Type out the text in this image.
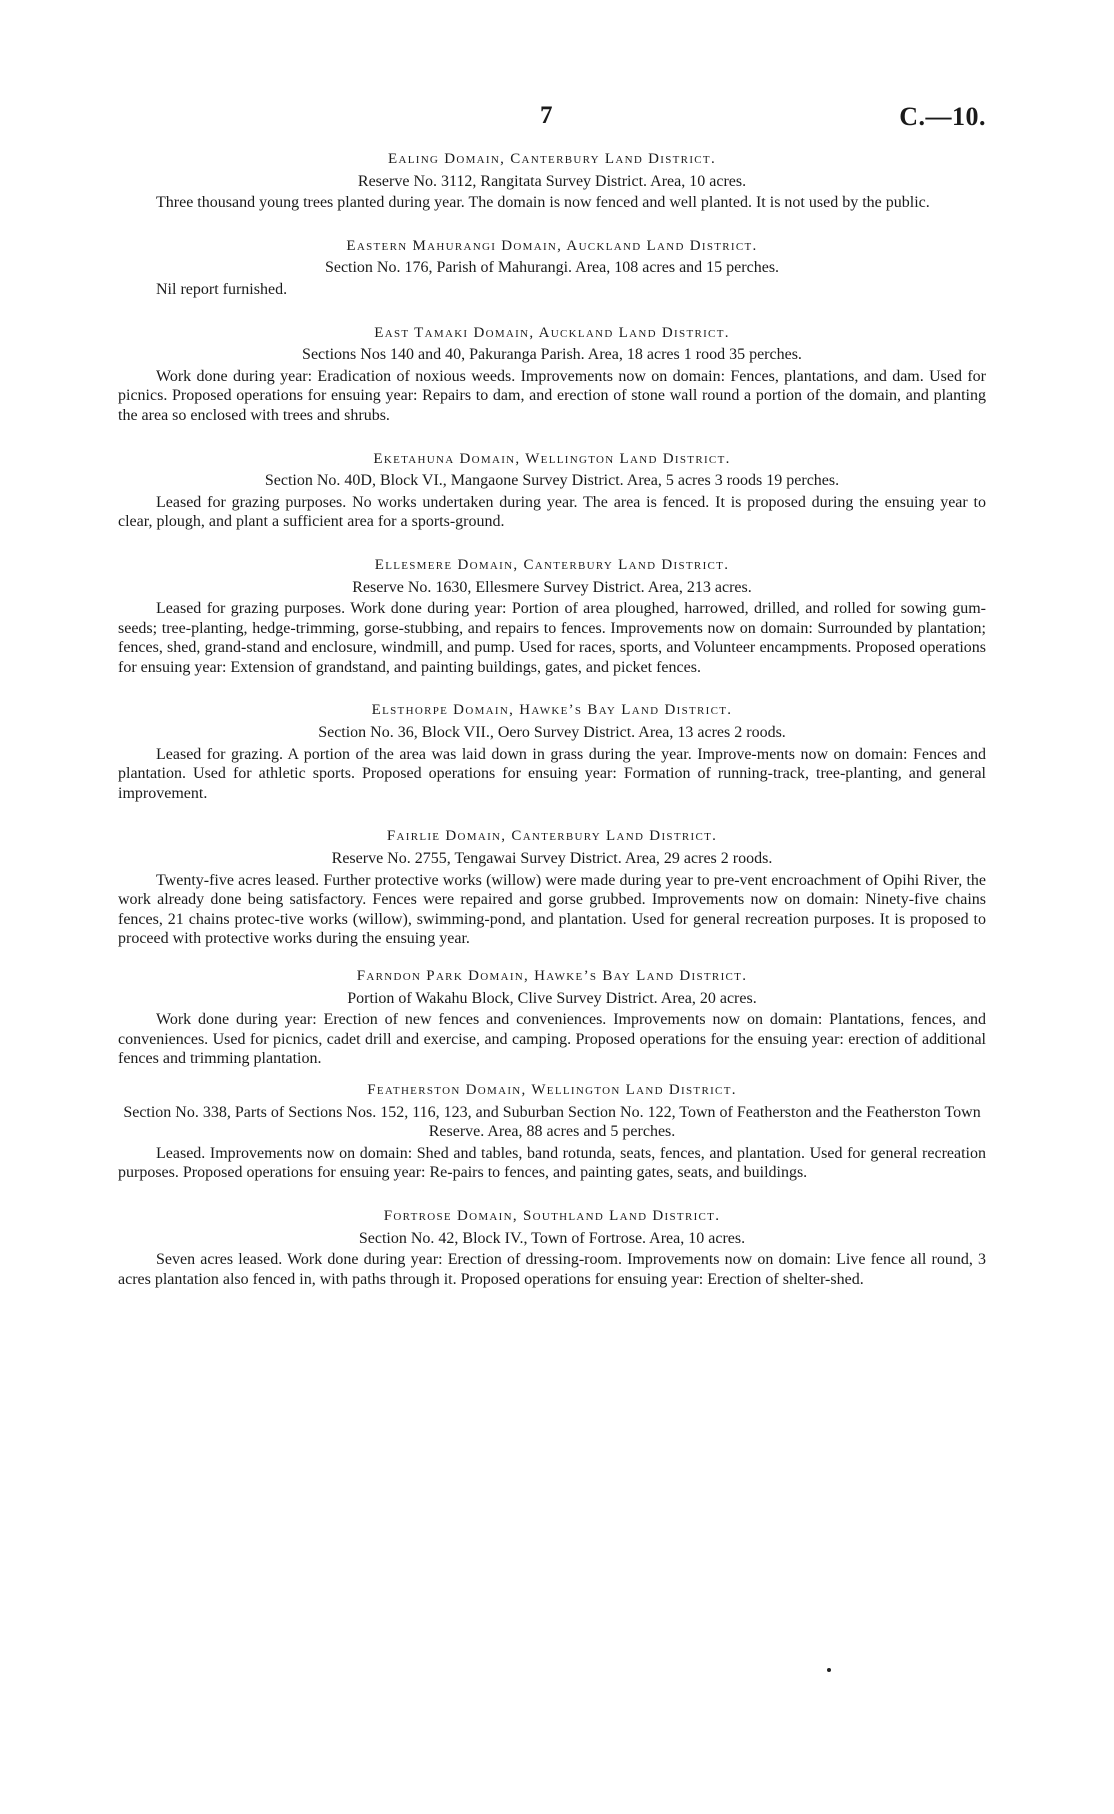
7	C.—10.
Ealing Domain, Canterbury Land District.
Reserve No. 3112, Rangitata Survey District. Area, 10 acres.

Three thousand young trees planted during year. The domain is now fenced and well planted. It is not used by the public.

Eastern Mahurangi Domain, Auckland Land District.
Section No. 176, Parish of Mahurangi. Area, 108 acres and 15 perches.

Nil report furnished.

East Tamaki Domain, Auckland Land District.
Sections Nos 140 and 40, Pakuranga Parish. Area, 18 acres 1 rood 35 perches.

Work done during year: Eradication of noxious weeds. Improvements now on domain: Fences, plantations, and dam. Used for picnics. Proposed operations for ensuing year: Repairs to dam, and erection of stone wall round a portion of the domain, and planting the area so enclosed with trees and shrubs.

Eketahuna Domain, Wellington Land District.
Section No. 40D, Block VI., Mangaone Survey District. Area, 5 acres 3 roods 19 perches.

Leased for grazing purposes. No works undertaken during year. The area is fenced. It is proposed during the ensuing year to clear, plough, and plant a sufficient area for a sports-ground.

Ellesmere Domain, Canterbury Land District.
Reserve No. 1630, Ellesmere Survey District. Area, 213 acres.

Leased for grazing purposes. Work done during year: Portion of area ploughed, harrowed, drilled, and rolled for sowing gum-seeds; tree-planting, hedge-trimming, gorse-stubbing, and repairs to fences. Improvements now on domain: Surrounded by plantation; fences, shed, grand-stand and enclosure, windmill, and pump. Used for races, sports, and Volunteer encampments. Proposed operations for ensuing year: Extension of grandstand, and painting buildings, gates, and picket fences.

Elsthorpe Domain, Hawke’s Bay Land District.
Section No. 36, Block VII., Oero Survey District. Area, 13 acres 2 roods.

Leased for grazing. A portion of the area was laid down in grass during the year. Improve-ments now on domain: Fences and plantation. Used for athletic sports. Proposed operations for ensuing year: Formation of running-track, tree-planting, and general improvement.

Fairlie Domain, Canterbury Land District.
Reserve No. 2755, Tengawai Survey District. Area, 29 acres 2 roods.

Twenty-five acres leased. Further protective works (willow) were made during year to pre-vent encroachment of Opihi River, the work already done being satisfactory. Fences were repaired and gorse grubbed. Improvements now on domain: Ninety-five chains fences, 21 chains protec-tive works (willow), swimming-pond, and plantation. Used for general recreation purposes. It is proposed to proceed with protective works during the ensuing year.

Farndon Park Domain, Hawke’s Bay Land District.
Portion of Wakahu Block, Clive Survey District. Area, 20 acres.

Work done during year: Erection of new fences and conveniences. Improvements now on domain: Plantations, fences, and conveniences. Used for picnics, cadet drill and exercise, and camping. Proposed operations for the ensuing year: erection of additional fences and trimming plantation.

Featherston Domain, Wellington Land District.
Section No. 338, Parts of Sections Nos. 152, 116, 123, and Suburban Section No. 122, Town of Featherston and the Featherston Town Reserve. Area, 88 acres and 5 perches.

Leased. Improvements now on domain: Shed and tables, band rotunda, seats, fences, and plantation. Used for general recreation purposes. Proposed operations for ensuing year: Re-pairs to fences, and painting gates, seats, and buildings.

Fortrose Domain, Southland Land District.
Section No. 42, Block IV., Town of Fortrose. Area, 10 acres.

Seven acres leased. Work done during year: Erection of dressing-room. Improvements now on domain: Live fence all round, 3 acres plantation also fenced in, with paths through it. Proposed operations for ensuing year: Erection of shelter-shed.
